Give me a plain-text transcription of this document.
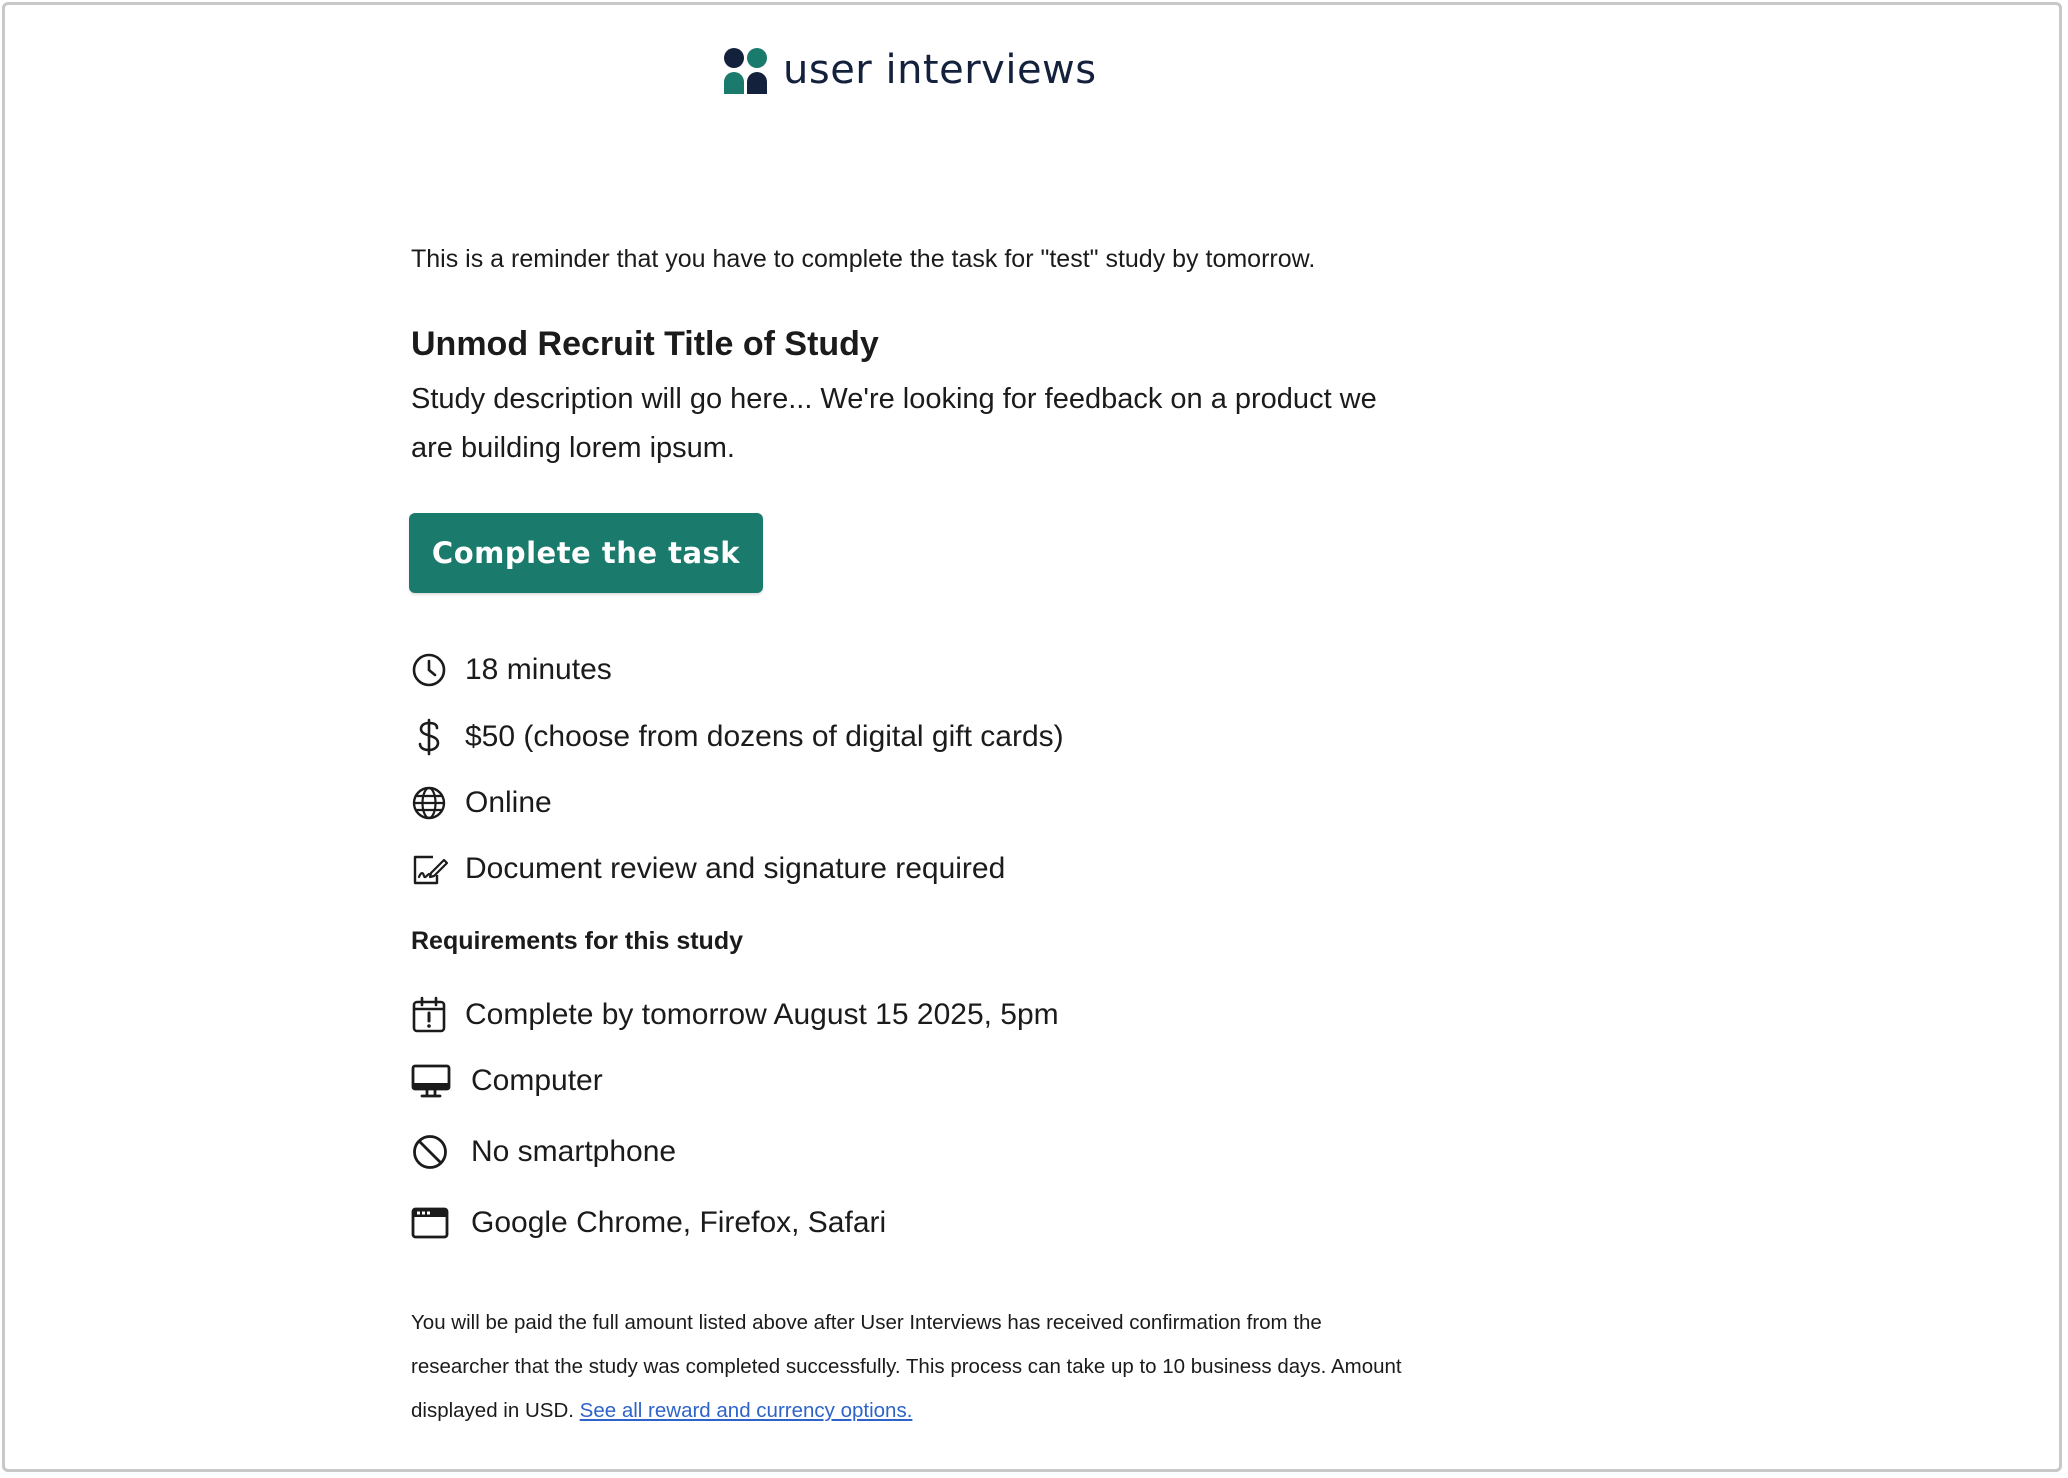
user interviews
This is a reminder that you have to complete the task for "test" study by tomorrow.
Unmod Recruit Title of Study
Study description will go here... We're looking for feedback on a product we are building lorem ipsum.
Complete the task
18 minutes
$50 (choose from dozens of digital gift cards)
Online
Document review and signature required
Requirements for this study
Complete by tomorrow August 15 2025, 5pm
Computer
No smartphone
Google Chrome, Firefox, Safari
You will be paid the full amount listed above after User Interviews has received confirmation from the researcher that the study was completed successfully. This process can take up to 10 business days. Amount displayed in USD. See all reward and currency options.
